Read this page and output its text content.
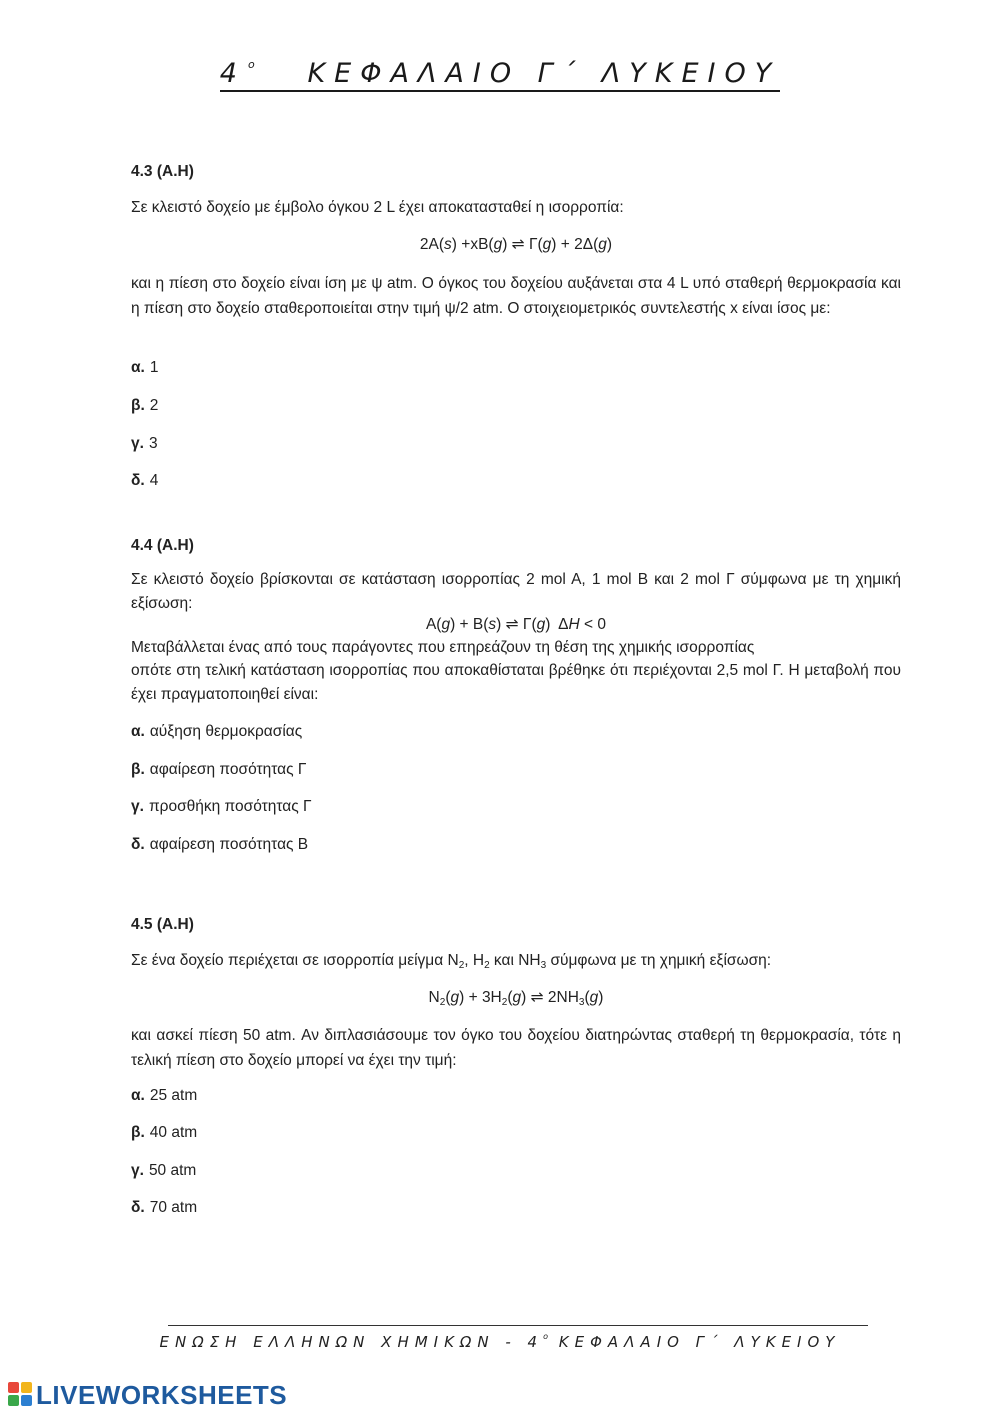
4 $^o$ ΚΕΦΑΛΑΙΟ Γ΄ ΛΥΚΕΙΟΥ

4.3 (Α.Η)

Σε κλειστό δοχείο με έμβολο όγκου 2 L έχει αποκατασταθεί η ισορροπία:

2A(s) +xB(g) ⇌ Γ(g) + 2Δ(g)

και η πίεση στο δοχείο είναι ίση με ψ atm. Ο όγκος του δοχείου αυξάνεται στα 4 L υπό σταθερή θερμοκρασία και η πίεση στο δοχείο σταθεροποιείται στην τιμή ψ/2 atm. Ο στοιχειομετρικός συντελεστής x είναι ίσος με:

α. 1
β. 2
γ. 3
δ. 4

4.4 (Α.Η)

Σε κλειστό δοχείο βρίσκονται σε κατάσταση ισορροπίας 2 mol A, 1 mol B και 2 mol Γ σύμφωνα με τη χημική εξίσωση:

A(g) + B(s) ⇌ Γ(g)  ΔH < 0

Μεταβάλλεται ένας από τους παράγοντες που επηρεάζουν τη θέση της χημικής ισορροπίας

οπότε στη τελική κατάσταση ισορροπίας που αποκαθίσταται βρέθηκε ότι περιέχονται 2,5 mol Γ. Η μεταβολή που έχει πραγματοποιηθεί είναι:

α. αύξηση θερμοκρασίας
β. αφαίρεση ποσότητας Γ
γ. προσθήκη ποσότητας Γ
δ. αφαίρεση ποσότητας Β

4.5 (Α.Η)

Σε ένα δοχείο περιέχεται σε ισορροπία μείγμα $N_2$, $H_2$ και $NH_3$ σύμφωνα με τη χημική εξίσωση:

$N_2(g) + 3H_2(g)$ ⇌ $2NH_3(g)$

και ασκεί πίεση 50 atm. Αν διπλασιάσουμε τον όγκο του δοχείου διατηρώντας σταθερή τη θερμοκρασία, τότε η τελική πίεση στο δοχείο μπορεί να έχει την τιμή:

α. 25 atm
β. 40 atm
γ. 50 atm
δ. 70 atm
ΕΝΩΣΗ ΕΛΛΗΝΩΝ ΧΗΜΙΚΩΝ - $4^o$ ΚΕΦΑΛΑΙΟ Γ΄ ΛΥΚΕΙΟΥ
LIVEWORKSHEETS
